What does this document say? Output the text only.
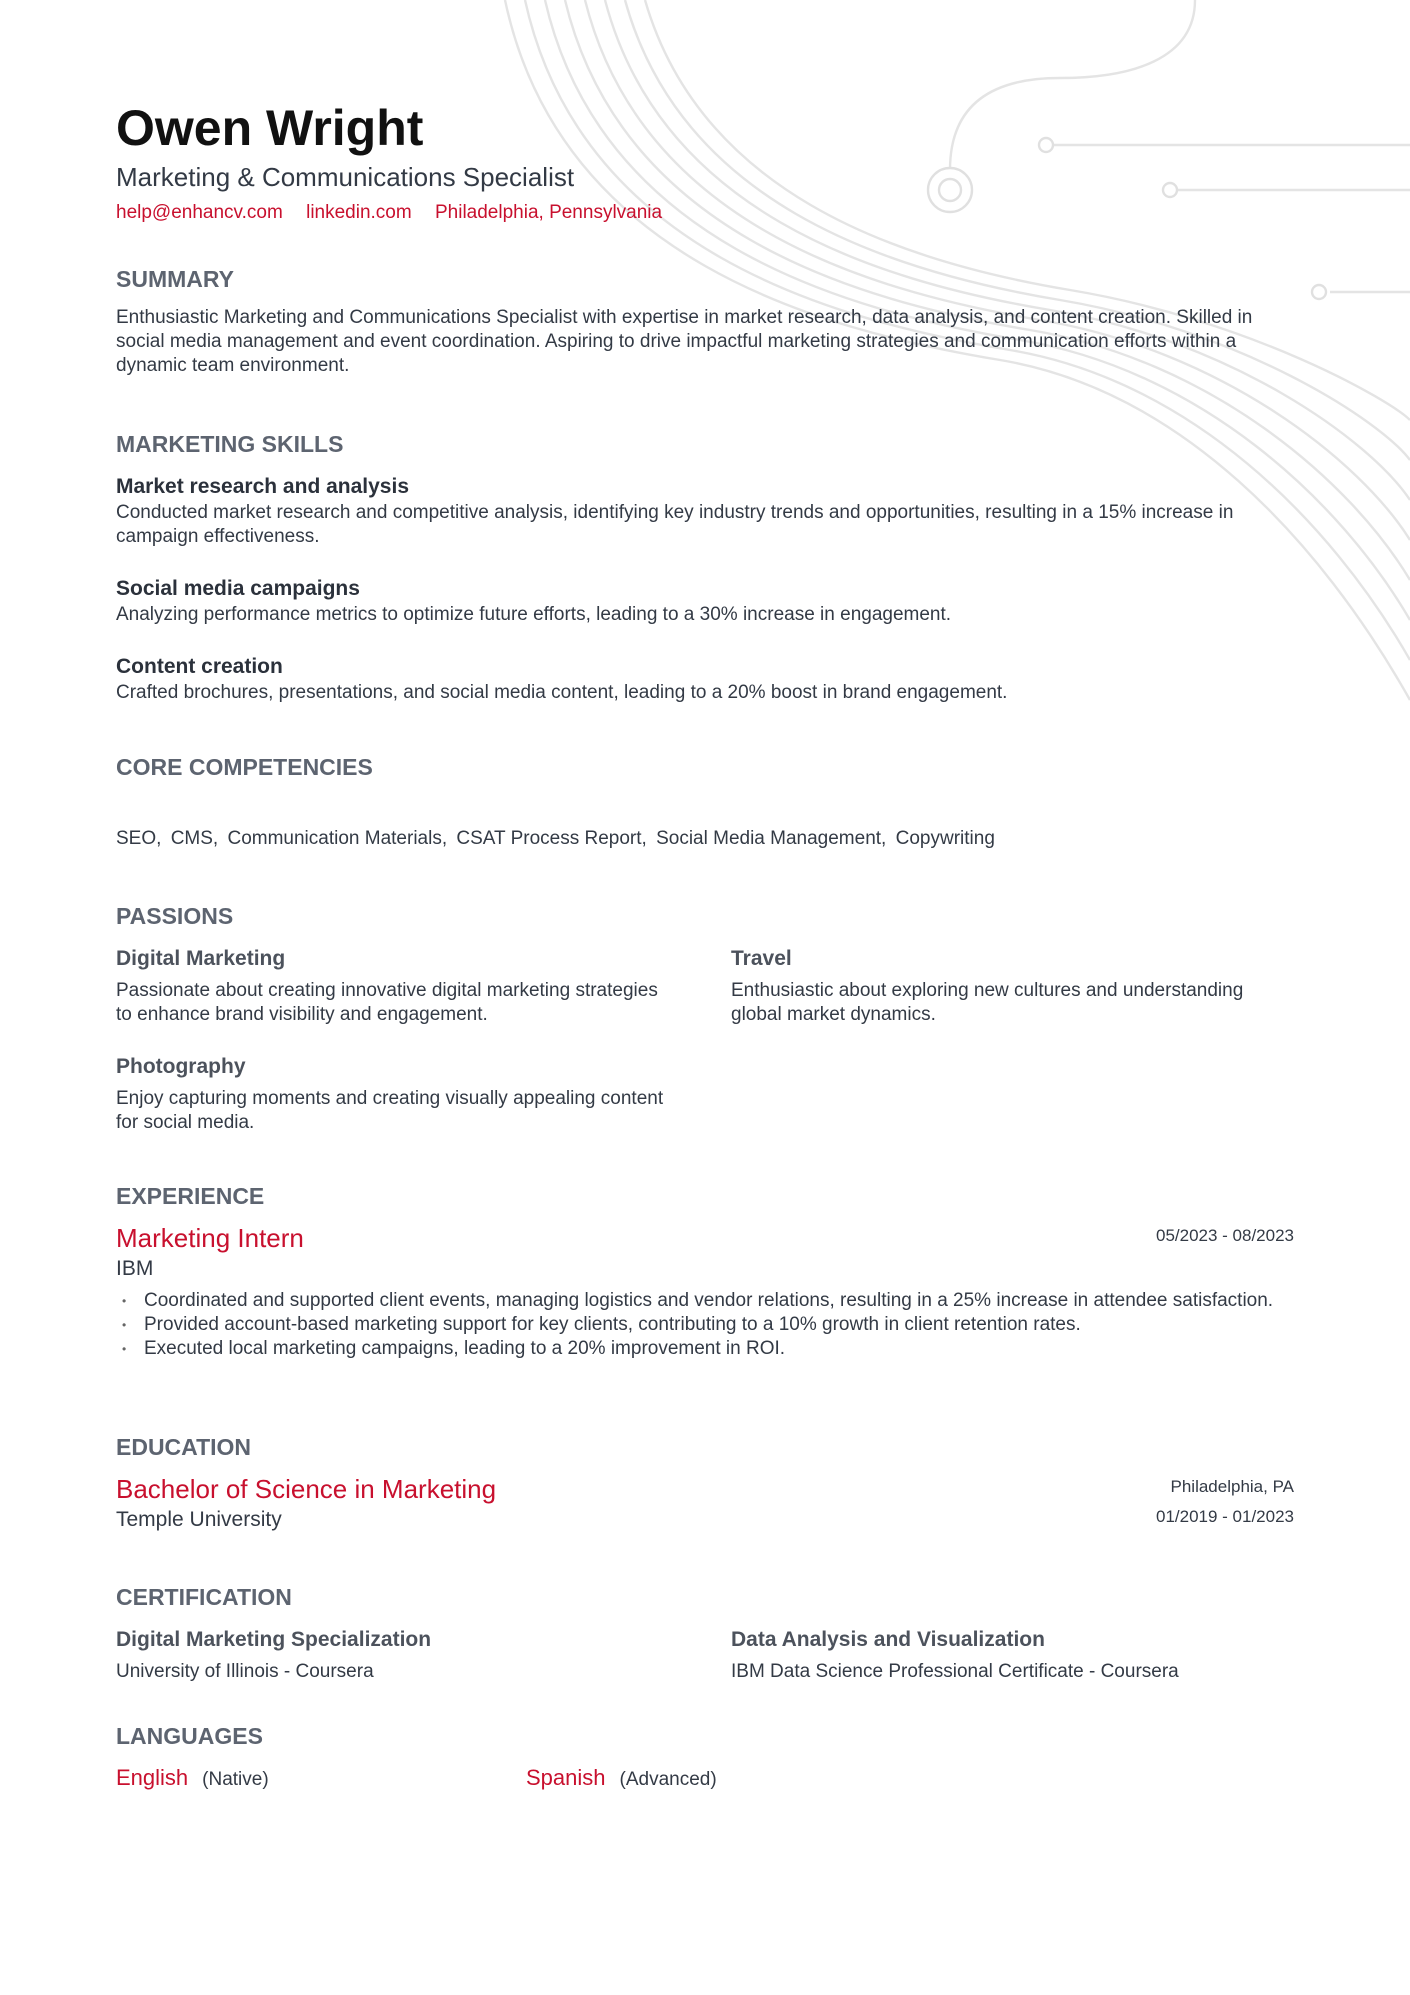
Owen Wright

Marketing & Communications Specialist

help@enhancv.com linkedin.com Philadelphia, Pennsylvania
SUMMARY

Enthusiastic Marketing and Communications Specialist with expertise in market research, data analysis, and content creation. Skilled in social media management and event coordination. Aspiring to drive impactful marketing strategies and communication efforts within a dynamic team environment.

MARKETING SKILLS

Market research and analysis

Conducted market research and competitive analysis, identifying key industry trends and opportunities, resulting in a 15% increase in campaign effectiveness.

Social media campaigns

Analyzing performance metrics to optimize future efforts, leading to a 30% increase in engagement.

Content creation

Crafted brochures, presentations, and social media content, leading to a 20% boost in brand engagement.

CORE COMPETENCIES
SEO, CMS, Communication Materials, CSAT Process Report, Social Media Management, Copywriting
PASSIONS

Digital Marketing

Passionate about creating innovative digital marketing strategies to enhance brand visibility and engagement.

Travel

Enthusiastic about exploring new cultures and understanding global market dynamics.

Photography

Enjoy capturing moments and creating visually appealing content for social media.
EXPERIENCE
05/2023 - 08/2023

Marketing Intern

IBM

• Coordinated and supported client events, managing logistics and vendor relations, resulting in a 25% increase in attendee satisfaction.
• Provided account-based marketing support for key clients, contributing to a 10% growth in client retention rates.
• Executed local marketing campaigns, leading to a 20% improvement in ROI.
EDUCATION
Philadelphia, PA
01/2019 - 01/2023

Bachelor of Science in Marketing

Temple University

CERTIFICATION

Digital Marketing Specialization

University of Illinois - Coursera

Data Analysis and Visualization

IBM Data Science Professional Certificate - Coursera
LANGUAGES
English (Native)	Spanish (Advanced)
